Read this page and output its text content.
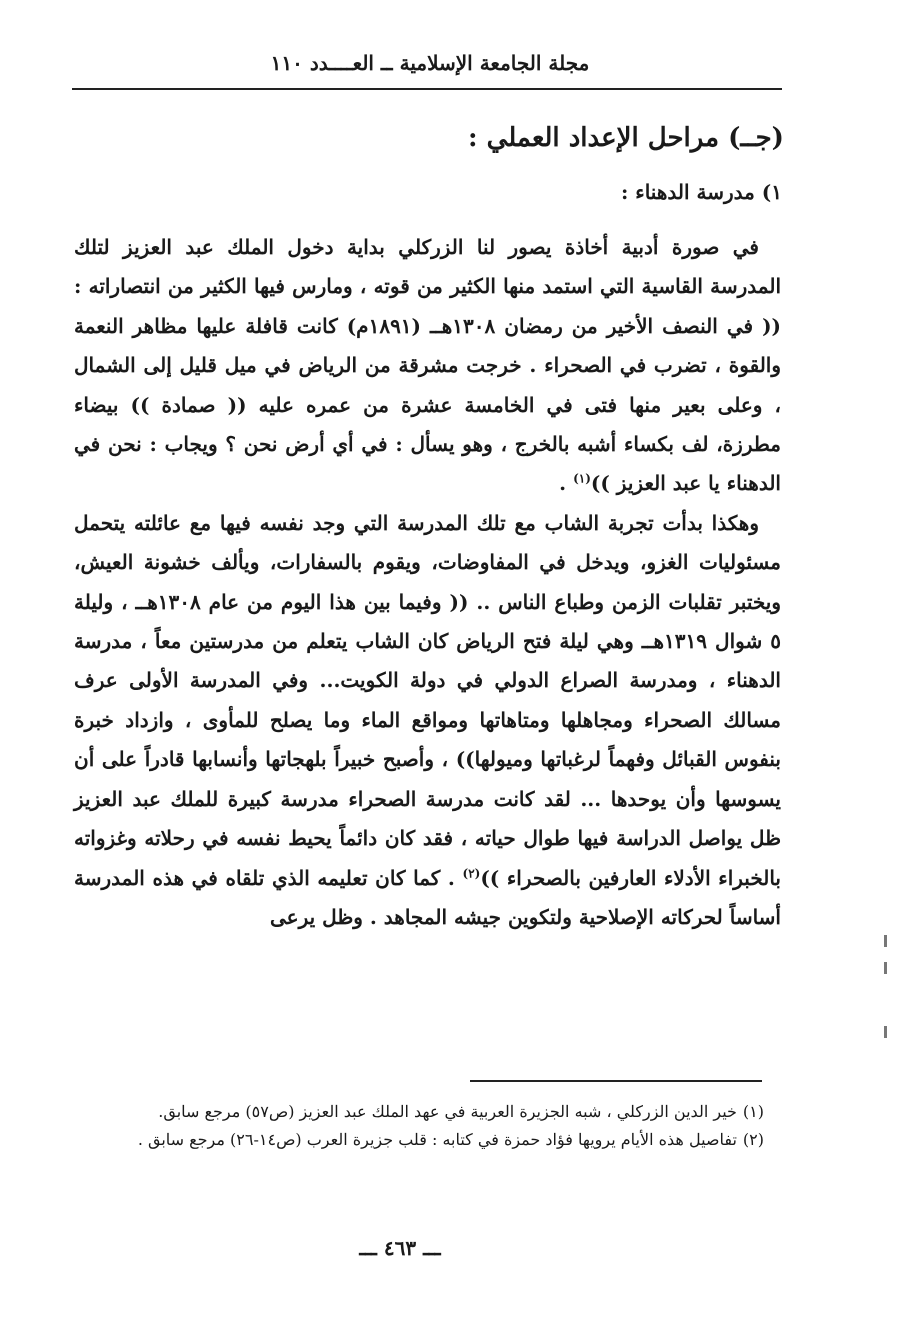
مجلة الجامعة الإسلامية ــ العــــدد ١١٠
(جــ) مراحل الإعداد العملي :
١) مدرسة الدهناء :

في صورة أدبية أخاذة يصور لنا الزركلي بداية دخول الملك عبد العزيز لتلك المدرسة القاسية التي استمد منها الكثير من قوته ، ومارس فيها الكثير من انتصاراته : (( في النصف الأخير من رمضان ١٣٠٨هــ (١٨٩١م) كانت قافلة عليها مظاهر النعمة والقوة ، تضرب في الصحراء . خرجت مشرقة من الرياض في ميل قليل إلى الشمال ، وعلى بعير منها فتى في الخامسة عشرة من عمره عليه (( صمادة )) بيضاء مطرزة، لف بكساء أشبه بالخرج ، وهو يسأل : في أي أرض نحن ؟ ويجاب : نحن في الدهناء يا عبد العزيز ))$^{(١)}$ .

وهكذا بدأت تجربة الشاب مع تلك المدرسة التي وجد نفسه فيها مع عائلته يتحمل مسئوليات الغزو، ويدخل في المفاوضات، ويقوم بالسفارات، ويألف خشونة العيش، ويختبر تقلبات الزمن وطباع الناس .. (( وفيما بين هذا اليوم من عام ١٣٠٨هــ ، وليلة ٥ شوال ١٣١٩هــ وهي ليلة فتح الرياض كان الشاب يتعلم من مدرستين معاً ، مدرسة الدهناء ، ومدرسة الصراع الدولي في دولة الكويت... وفي المدرسة الأولى عرف مسالك الصحراء ومجاهلها ومتاهاتها ومواقع الماء وما يصلح للمأوى ، وازداد خبرة بنفوس القبائل وفهماً لرغباتها وميولها)) ، وأصبح خبيراً بلهجاتها وأنسابها قادراً على أن يسوسها وأن يوحدها ... لقد كانت مدرسة الصحراء مدرسة كبيرة للملك عبد العزيز ظل يواصل الدراسة فيها طوال حياته ، فقد كان دائماً يحيط نفسه في رحلاته وغزواته بالخبراء الأدلاء العارفين بالصحراء ))$^{(٢)}$ . كما كان تعليمه الذي تلقاه في هذه المدرسة أساساً لحركاته الإصلاحية ولتكوين جيشه المجاهد . وظل يرعى

(١)خير الدين الزركلي ، شبه الجزيرة العربية في عهد الملك عبد العزيز (ص٥٧) مرجع سابق.

(٢)تفاصيل هذه الأيام يرويها فؤاد حمزة في كتابه : قلب جزيرة العرب (ص١٤-٢٦) مرجع سابق .

ـــ ٤٦٣ ـــ
